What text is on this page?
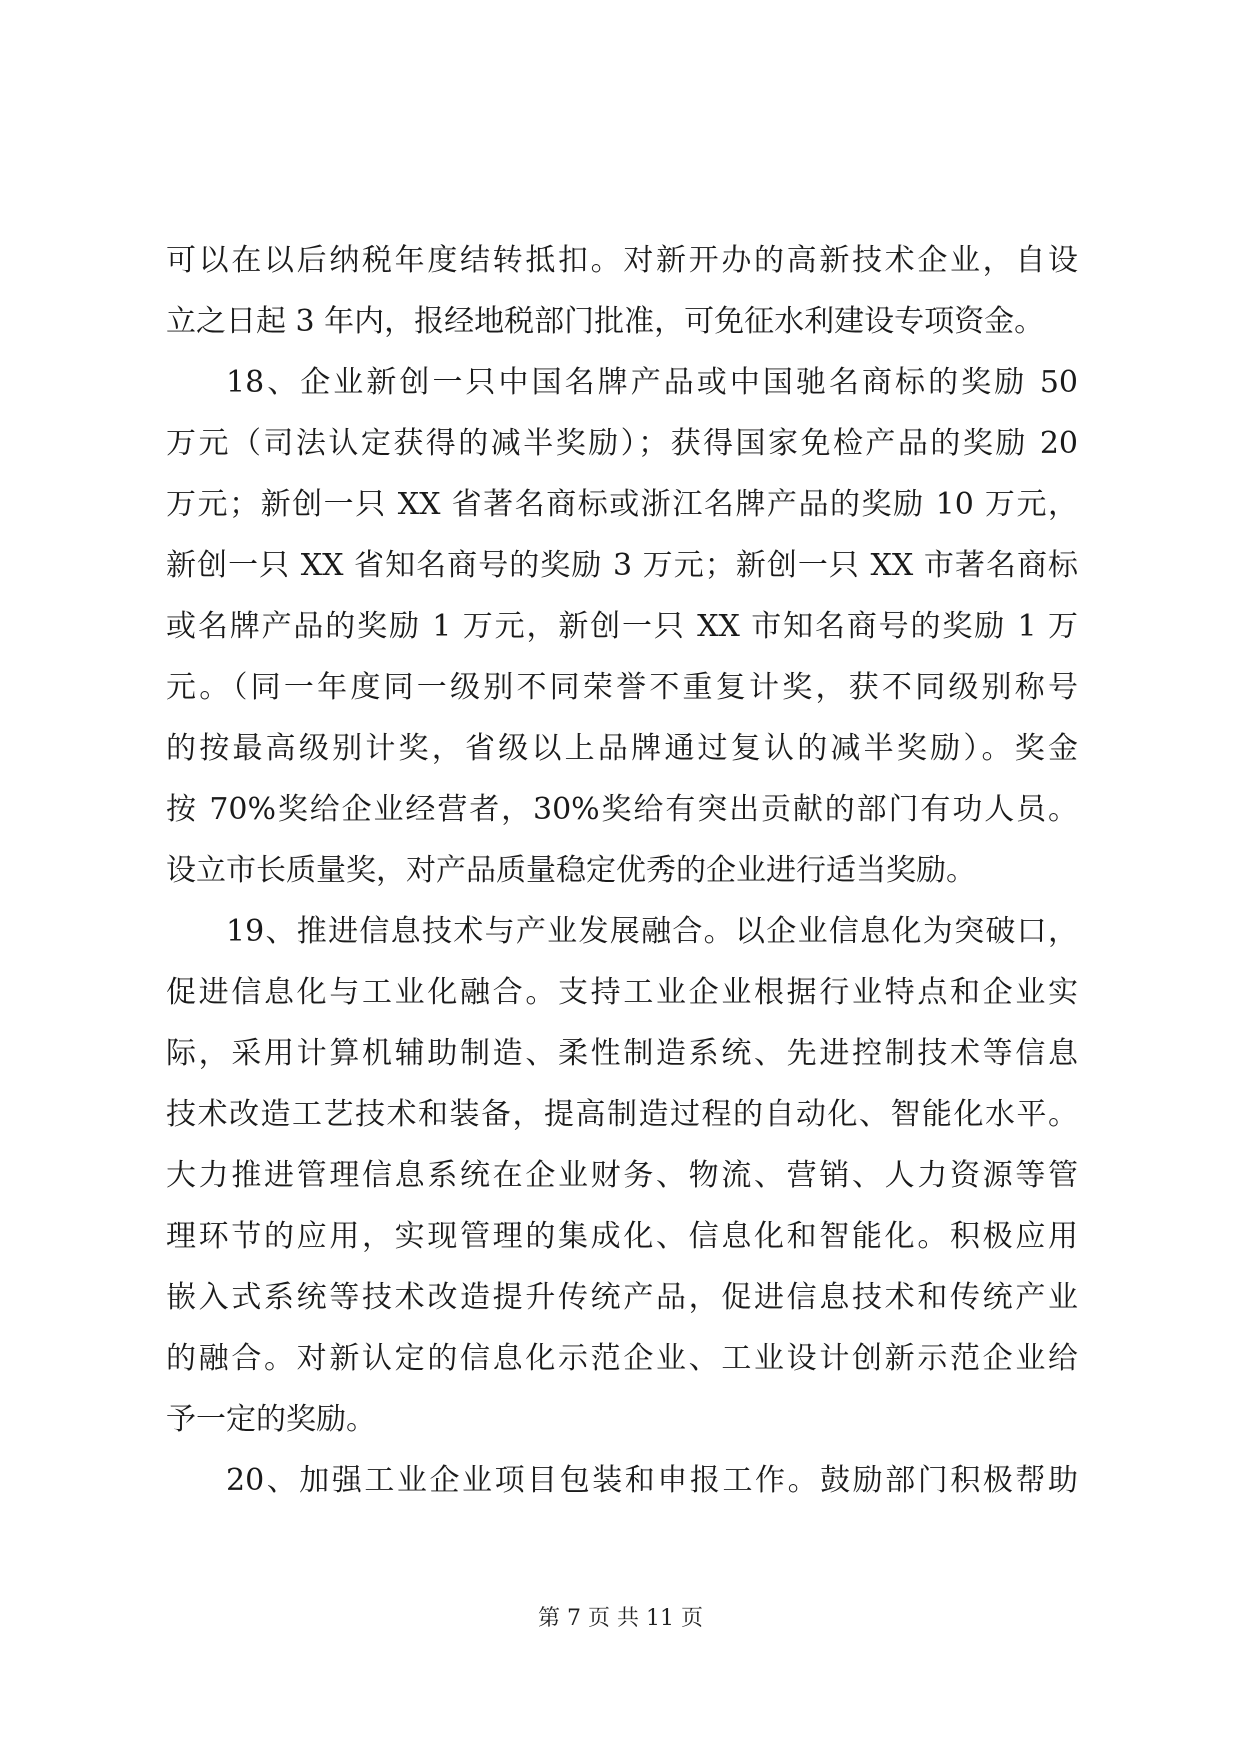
可以在以后纳税年度结转抵扣。对新开办的高新技术企业，自设
立之日起 3 年内，报经地税部门批准，可免征水利建设专项资金。
18、企业新创一只中国名牌产品或中国驰名商标的奖励 50
万元（司法认定获得的减半奖励）；获得国家免检产品的奖励 20
万元；新创一只 XX 省著名商标或浙江名牌产品的奖励 10 万元，
新创一只 XX 省知名商号的奖励 3 万元；新创一只 XX 市著名商标
或名牌产品的奖励 1 万元，新创一只 XX 市知名商号的奖励 1 万
元。（同一年度同一级别不同荣誉不重复计奖，获不同级别称号
的按最高级别计奖，省级以上品牌通过复认的减半奖励）。奖金
按 70%奖给企业经营者，30%奖给有突出贡献的部门有功人员。
设立市长质量奖，对产品质量稳定优秀的企业进行适当奖励。
19、推进信息技术与产业发展融合。以企业信息化为突破口，
促进信息化与工业化融合。支持工业企业根据行业特点和企业实
际，采用计算机辅助制造、柔性制造系统、先进控制技术等信息
技术改造工艺技术和装备，提高制造过程的自动化、智能化水平。
大力推进管理信息系统在企业财务、物流、营销、人力资源等管
理环节的应用，实现管理的集成化、信息化和智能化。积极应用
嵌入式系统等技术改造提升传统产品，促进信息技术和传统产业
的融合。对新认定的信息化示范企业、工业设计创新示范企业给
予一定的奖励。
20、加强工业企业项目包装和申报工作。鼓励部门积极帮助
第 7 页 共 11 页
